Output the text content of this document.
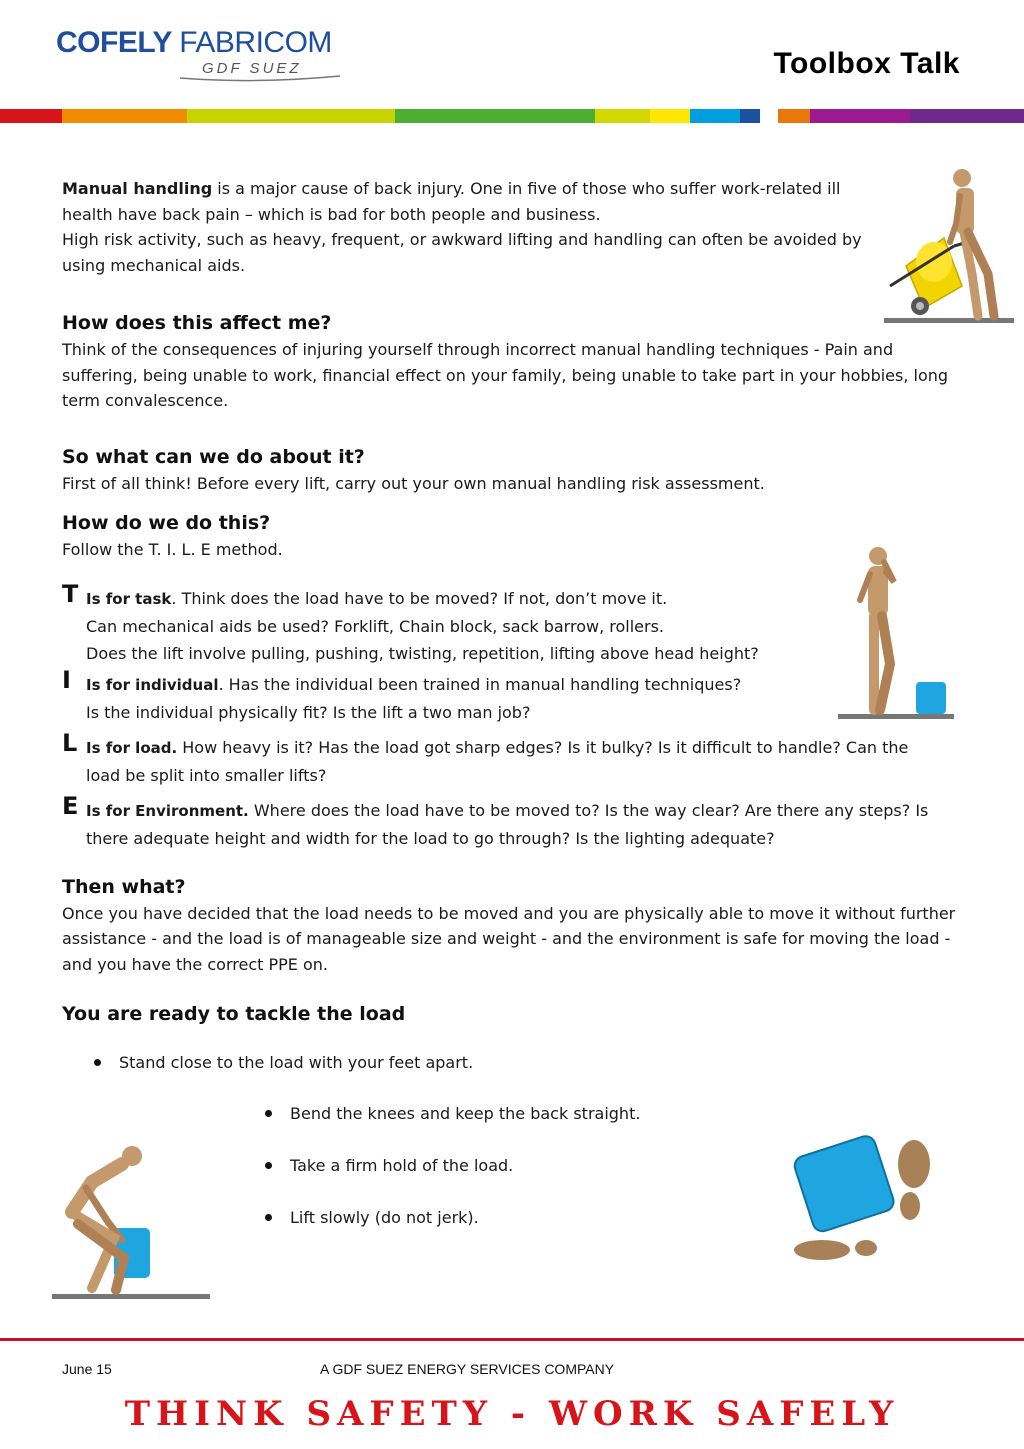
COFELY FABRICOM
GDF SUEZ	Toolbox Talk

Manual handling is a major cause of back injury. One in five of those who suffer work-related ill health have back pain – which is bad for both people and business.

High risk activity, such as heavy, frequent, or awkward lifting and handling can often be avoided by using mechanical aids.

How does this affect me?

Think of the consequences of injuring yourself through incorrect manual handling techniques - Pain and suffering, being unable to work, financial effect on your family, being unable to take part in your hobbies, long term convalescence.

So what can we do about it?

First of all think! Before every lift, carry out your own manual handling risk assessment.

How do we do this?

Follow the T. I. L. E method.

T Is for task. Think does the load have to be moved? If not, don’t move it.
Can mechanical aids be used? Forklift, Chain block, sack barrow, rollers.
Does the lift involve pulling, pushing, twisting, repetition, lifting above head height?
I Is for individual. Has the individual been trained in manual handling techniques?
Is the individual physically fit? Is the lift a two man job?
L Is for load. How heavy is it? Has the load got sharp edges? Is it bulky? Is it difficult to handle? Can the
load be split into smaller lifts?
E Is for Environment. Where does the load have to be moved to? Is the way clear? Are there any steps? Is
there adequate height and width for the load to go through? Is the lighting adequate?

Then what?

Once you have decided that the load needs to be moved and you are physically able to move it without further assistance - and the load is of manageable size and weight - and the environment is safe for moving the load - and you have the correct PPE on.

You are ready to tackle the load

Stand close to the load with your feet apart.
Bend the knees and keep the back straight.
Take a firm hold of the load.
Lift slowly (do not jerk).
June 15	A GDF SUEZ ENERGY SERVICES COMPANY
THINK SAFETY - WORK SAFELY
